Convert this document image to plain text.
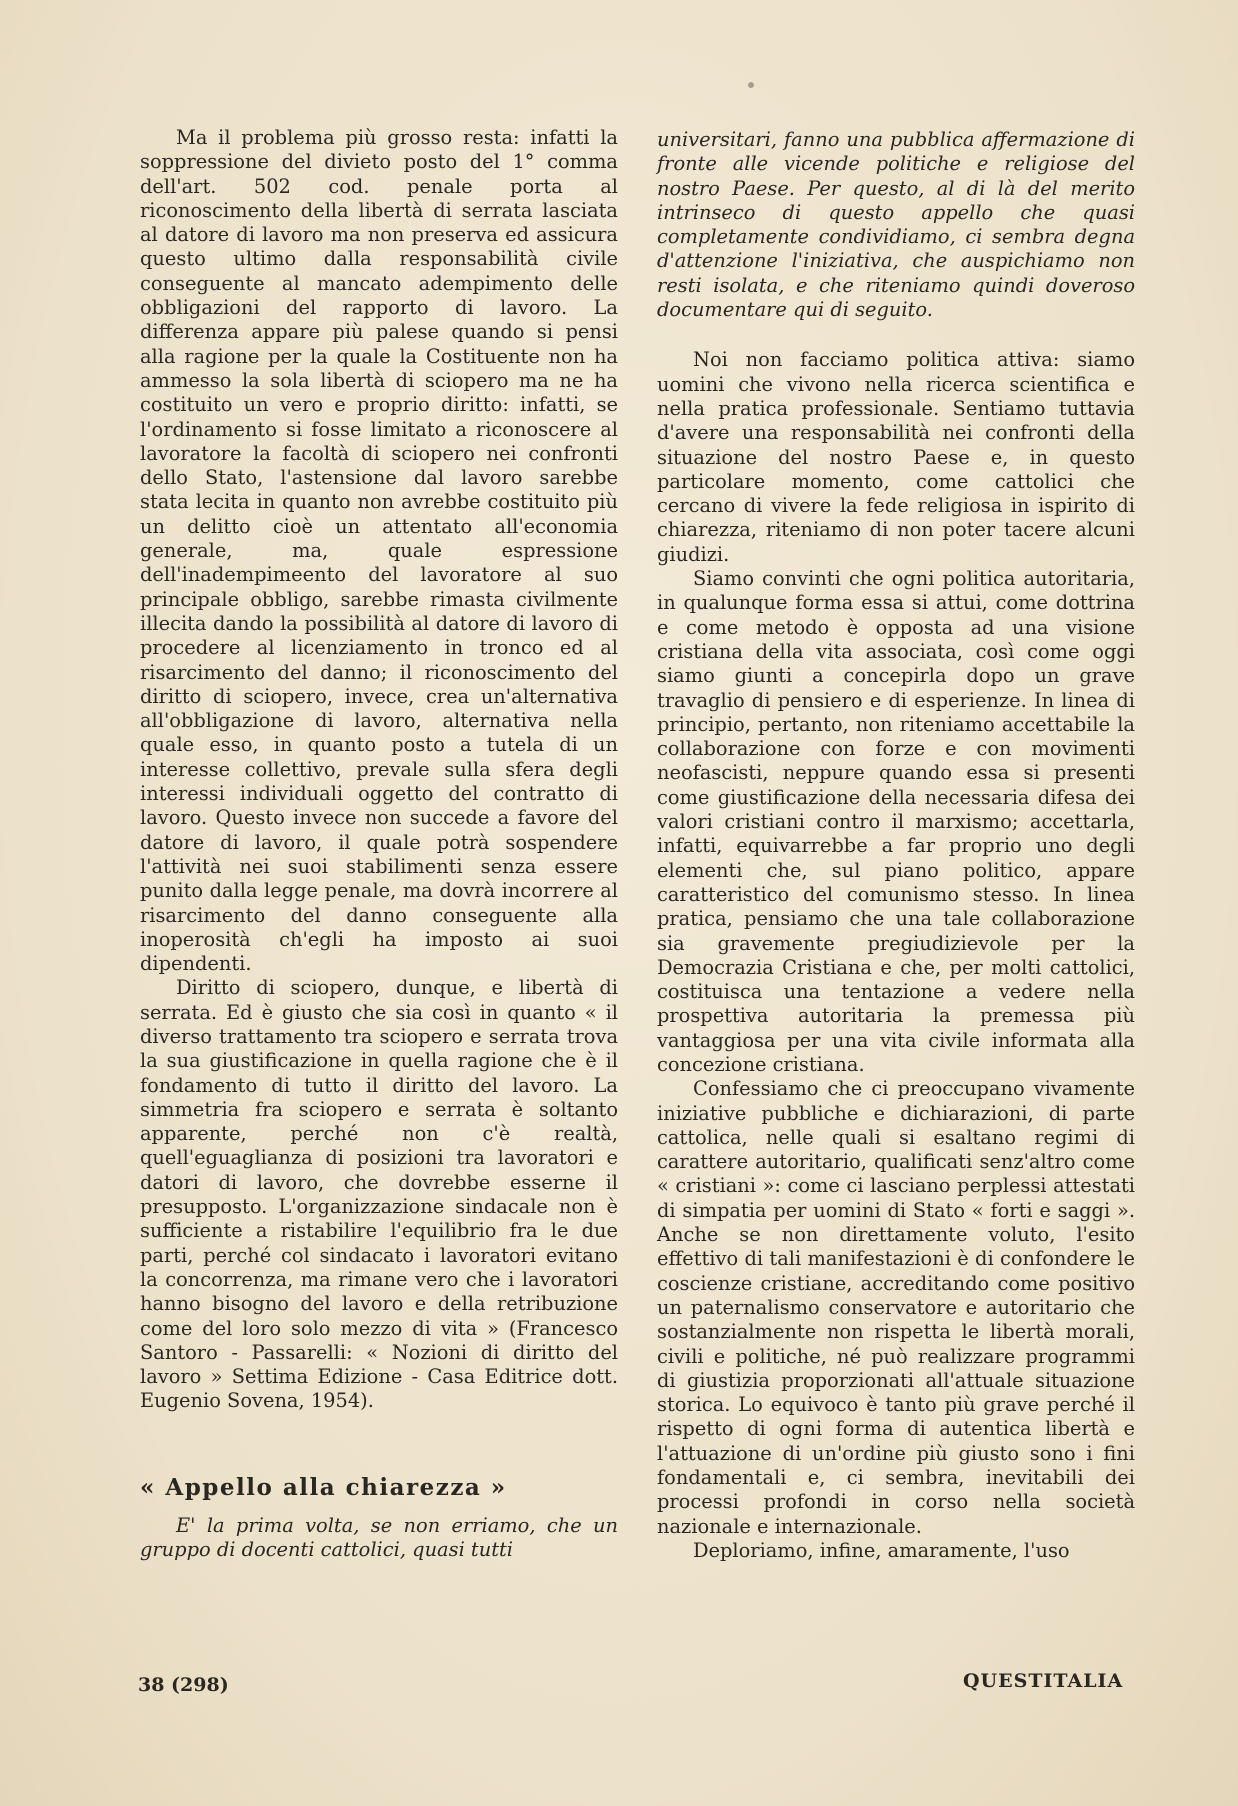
Ma il problema più grosso resta: infatti la soppressione del divieto posto del 1° comma dell'art. 502 cod. penale porta al riconoscimento della libertà di serrata lasciata al datore di lavoro ma non preserva ed assicura questo ultimo dalla responsabilità civile conseguente al mancato adempimento delle obbligazioni del rapporto di lavoro. La differenza appare più palese quando si pensi alla ragione per la quale la Costituente non ha ammesso la sola libertà di sciopero ma ne ha costituito un vero e proprio diritto: infatti, se l'ordinamento si fosse limitato a riconoscere al lavoratore la facoltà di sciopero nei confronti dello Stato, l'astensione dal lavoro sarebbe stata lecita in quanto non avrebbe costituito più un delitto cioè un attentato all'economia generale, ma, quale espressione dell'inadempimeento del lavoratore al suo principale obbligo, sarebbe rimasta civilmente illecita dando la possibilità al datore di lavoro di procedere al licenziamento in tronco ed al risarcimento del danno; il riconoscimento del diritto di sciopero, invece, crea un'alternativa all'obbligazione di lavoro, alternativa nella quale esso, in quanto posto a tutela di un interesse collettivo, prevale sulla sfera degli interessi individuali oggetto del contratto di lavoro. Questo invece non succede a favore del datore di lavoro, il quale potrà sospendere l'attività nei suoi stabilimenti senza essere punito dalla legge penale, ma dovrà incorrere al risarcimento del danno conseguente alla inoperosità ch'egli ha imposto ai suoi dipendenti.

Diritto di sciopero, dunque, e libertà di serrata. Ed è giusto che sia così in quanto « il diverso trattamento tra sciopero e serrata trova la sua giustificazione in quella ragione che è il fondamento di tutto il diritto del lavoro. La simmetria fra sciopero e serrata è soltanto apparente, perché non c'è realtà, quell'eguaglianza di posizioni tra lavoratori e datori di lavoro, che dovrebbe esserne il presupposto. L'organizzazione sindacale non è sufficiente a ristabilire l'equilibrio fra le due parti, perché col sindacato i lavoratori evitano la concorrenza, ma rimane vero che i lavoratori hanno bisogno del lavoro e della retribuzione come del loro solo mezzo di vita » (Francesco Santoro - Passarelli: « Nozioni di diritto del lavoro » Settima Edizione - Casa Editrice dott. Eugenio Sovena, 1954).

« Appello alla chiarezza »

E' la prima volta, se non erriamo, che un gruppo di docenti cattolici, quasi tutti

universitari, fanno una pubblica affermazione di fronte alle vicende politiche e religiose del nostro Paese. Per questo, al di là del merito intrinseco di questo appello che quasi completamente condividiamo, ci sembra degna d'attenzione l'iniziativa, che auspichiamo non resti isolata, e che riteniamo quindi doveroso documentare qui di seguito.

Noi non facciamo politica attiva: siamo uomini che vivono nella ricerca scientifica e nella pratica professionale. Sentiamo tuttavia d'avere una responsabilità nei confronti della situazione del nostro Paese e, in questo particolare momento, come cattolici che cercano di vivere la fede religiosa in ispirito di chiarezza, riteniamo di non poter tacere alcuni giudizi.

Siamo convinti che ogni politica autoritaria, in qualunque forma essa si attui, come dottrina e come metodo è opposta ad una visione cristiana della vita associata, così come oggi siamo giunti a concepirla dopo un grave travaglio di pensiero e di esperienze. In linea di principio, pertanto, non riteniamo accettabile la collaborazione con forze e con movimenti neofascisti, neppure quando essa si presenti come giustificazione della necessaria difesa dei valori cristiani contro il marxismo; accettarla, infatti, equivarrebbe a far proprio uno degli elementi che, sul piano politico, appare caratteristico del comunismo stesso. In linea pratica, pensiamo che una tale collaborazione sia gravemente pregiudizievole per la Democrazia Cristiana e che, per molti cattolici, costituisca una tentazione a vedere nella prospettiva autoritaria la premessa più vantaggiosa per una vita civile informata alla concezione cristiana.

Confessiamo che ci preoccupano vivamente iniziative pubbliche e dichiarazioni, di parte cattolica, nelle quali si esaltano regimi di carattere autoritario, qualificati senz'altro come « cristiani »: come ci lasciano perplessi attestati di simpatia per uomini di Stato « forti e saggi ». Anche se non direttamente voluto, l'esito effettivo di tali manifestazioni è di confondere le coscienze cristiane, accreditando come positivo un paternalismo conservatore e autoritario che sostanzialmente non rispetta le libertà morali, civili e politiche, né può realizzare programmi di giustizia proporzionati all'attuale situazione storica. Lo equivoco è tanto più grave perché il rispetto di ogni forma di autentica libertà e l'attuazione di un'ordine più giusto sono i fini fondamentali e, ci sembra, inevitabili dei processi profondi in corso nella società nazionale e internazionale.

Deploriamo, infine, amaramente, l'uso

38 (298)	QUESTITALIA
